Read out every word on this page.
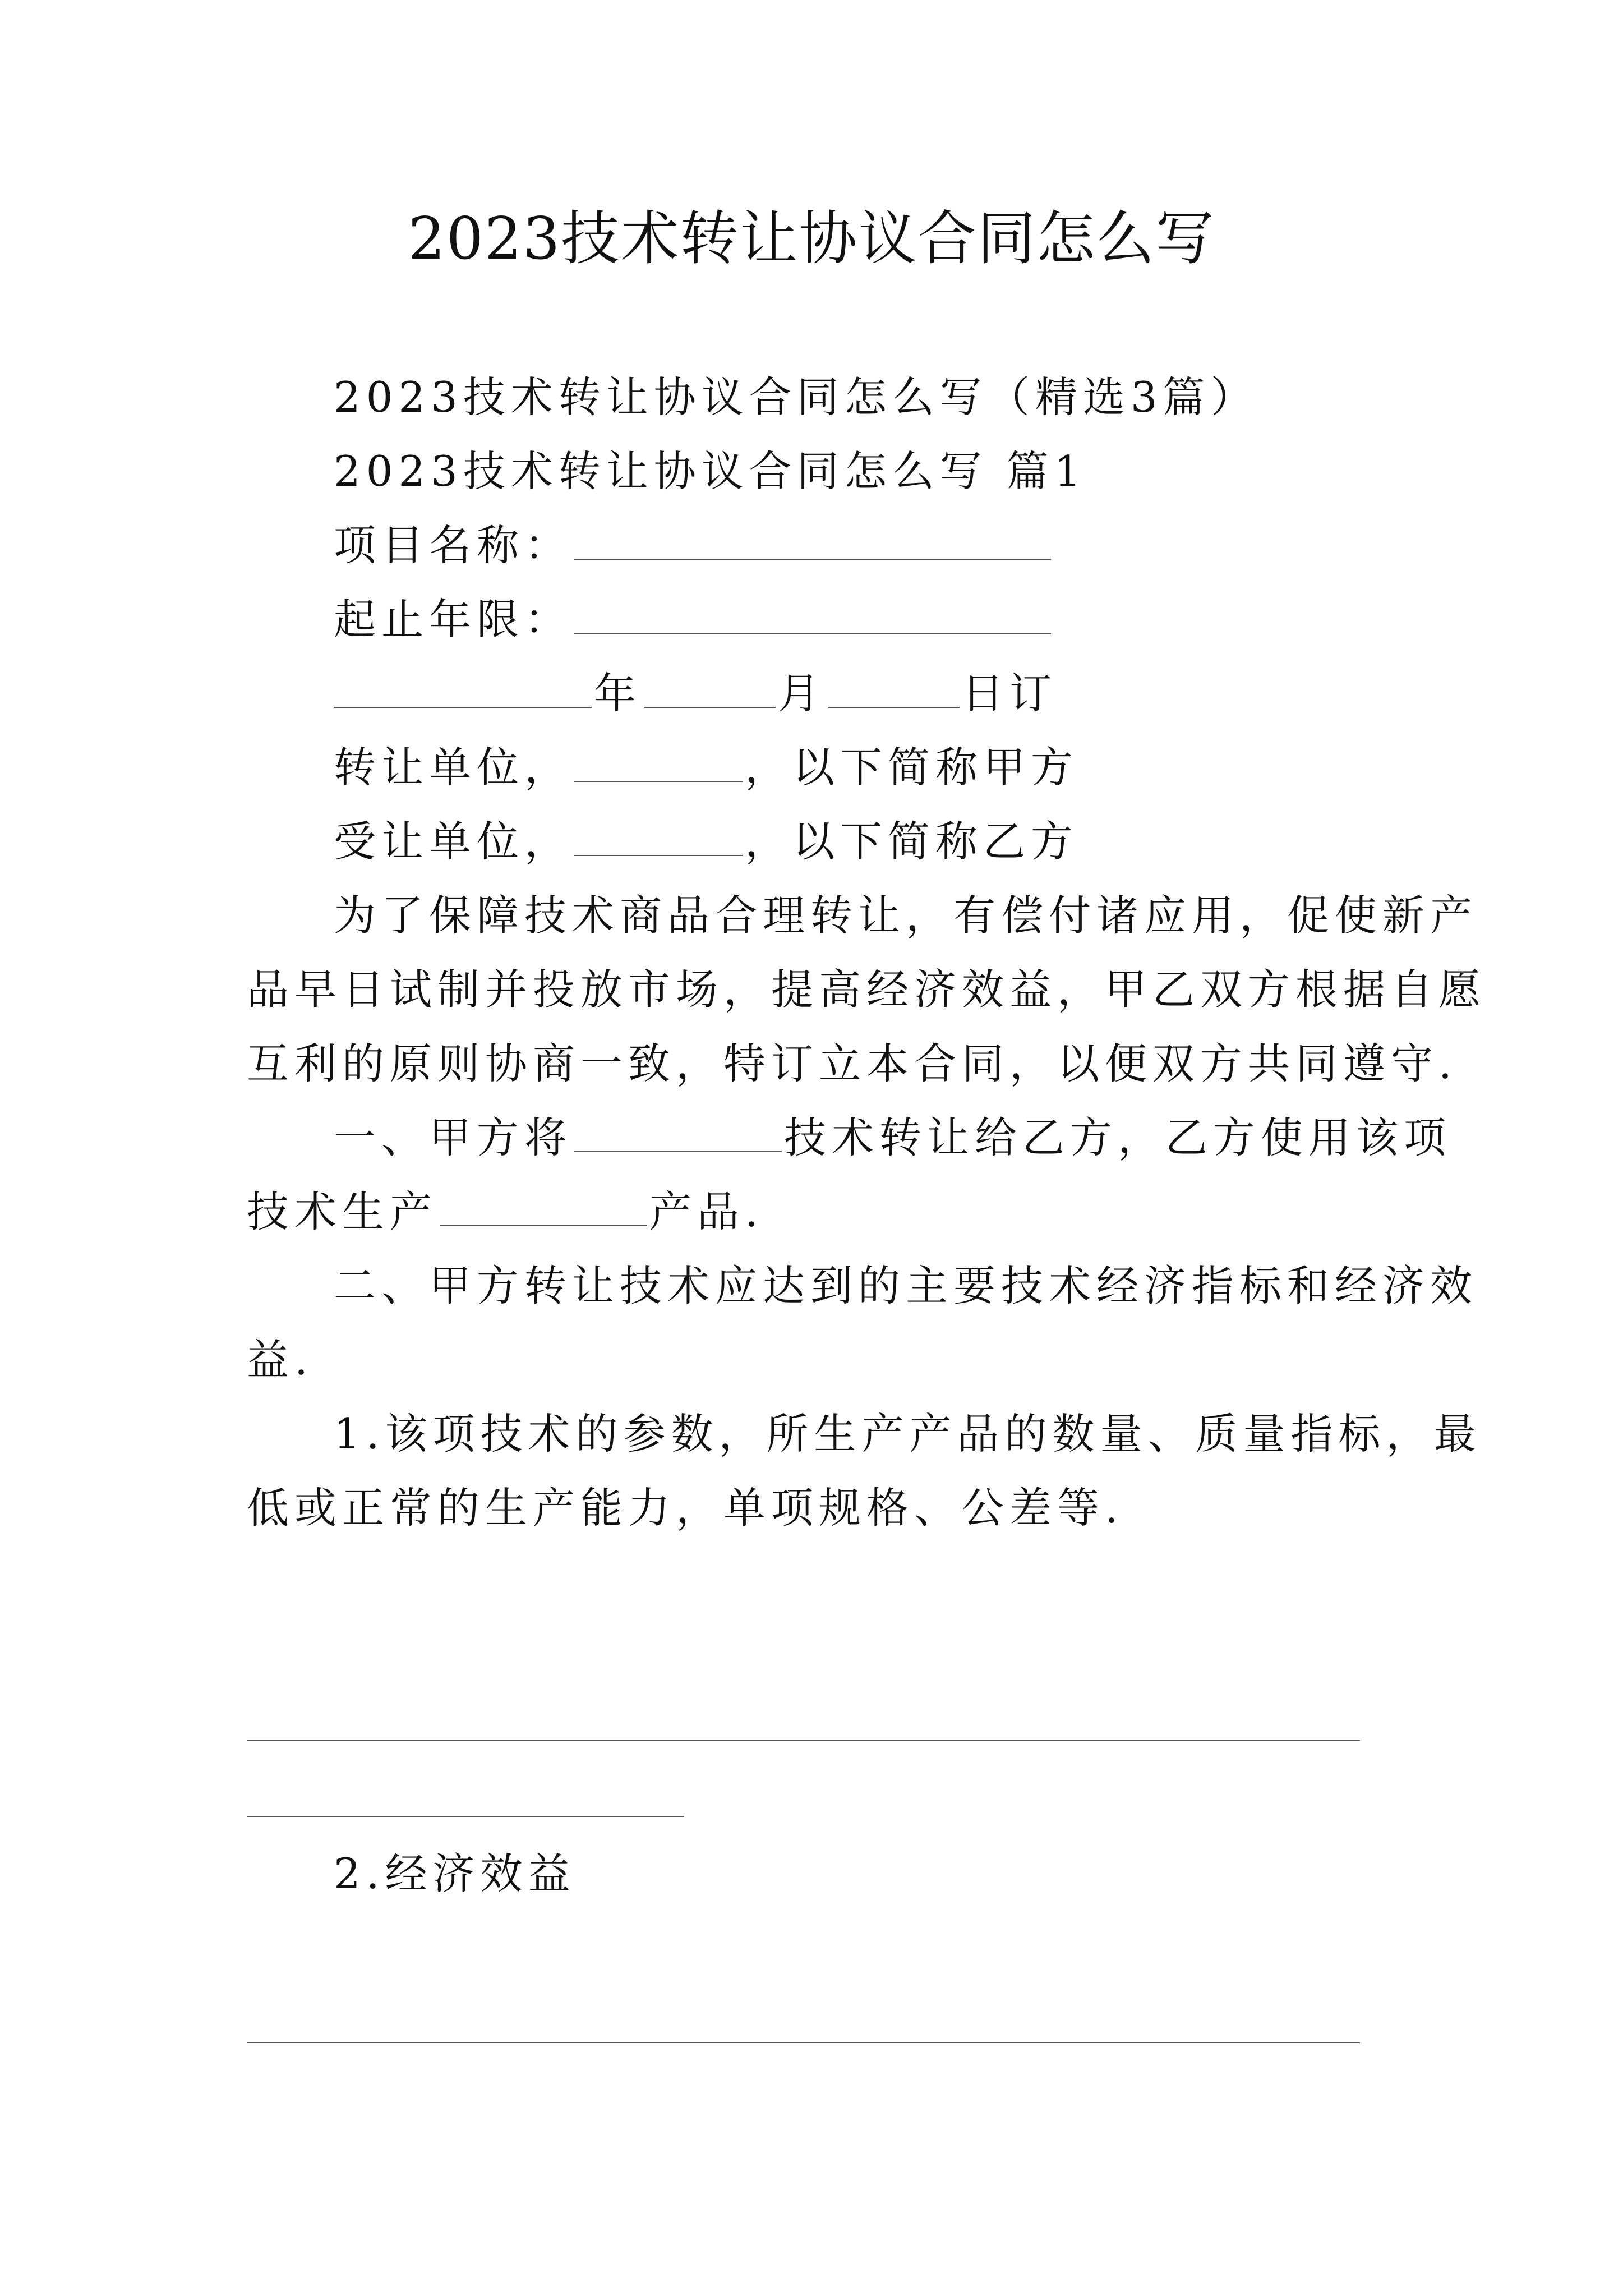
2023技术转让协议合同怎么写
2023技术转让协议合同怎么写（精选3篇）
2023技术转让协议合同怎么写 篇1
项目名称：
起止年限：
年	月	日订
转让单位，	，以下简称甲方
受让单位，	，以下简称乙方
为了保障技术商品合理转让，有偿付诸应用，促使新产
品早日试制并投放市场，提高经济效益，甲乙双方根据自愿
互利的原则协商一致，特订立本合同，以便双方共同遵守.
一、甲方将	技术转让给乙方，乙方使用该项
技术生产	产品.
二、甲方转让技术应达到的主要技术经济指标和经济效
益.
1.该项技术的参数，所生产产品的数量、质量指标，最
低或正常的生产能力，单项规格、公差等.
2.经济效益
